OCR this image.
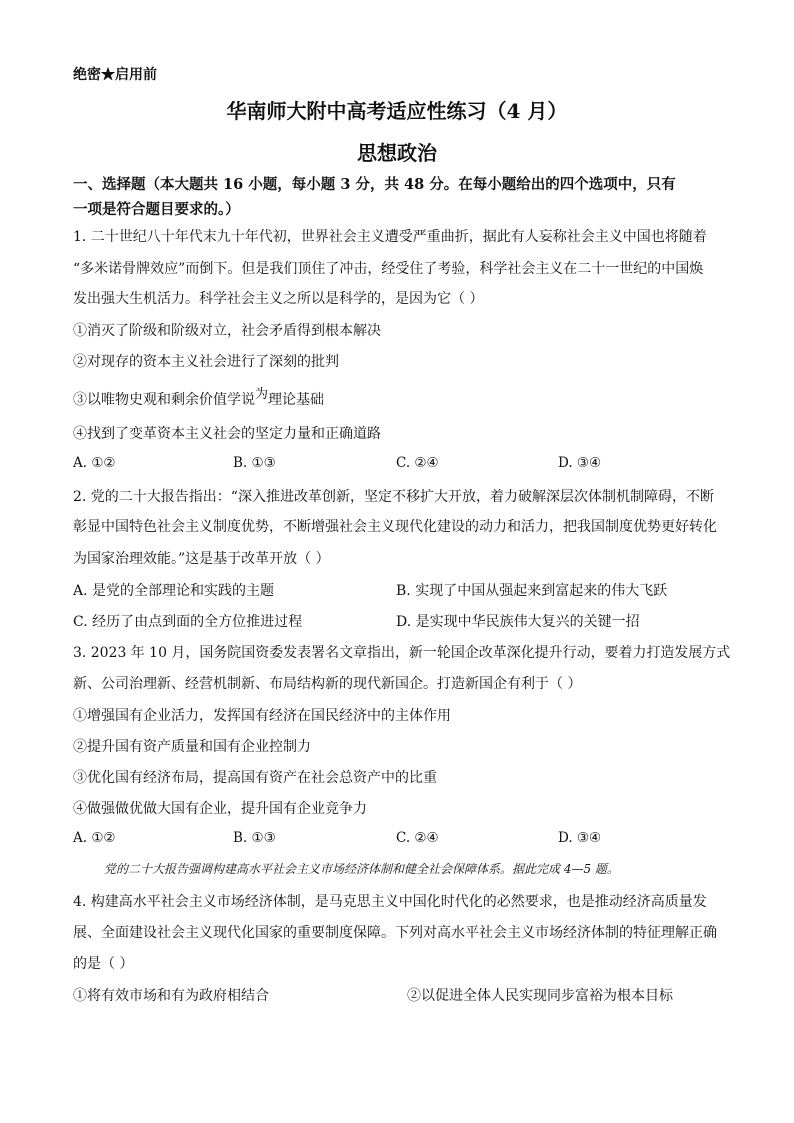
绝密★启用前
华南师大附中高考适应性练习（4 月）
思想政治
一、选择题（本大题共 16 小题，每小题 3 分，共 48 分。在每小题给出的四个选项中，只有
一项是符合题目要求的。）
1. 二十世纪八十年代末九十年代初，世界社会主义遭受严重曲折，据此有人妄称社会主义中国也将随着
“多米诺骨牌效应”而倒下。但是我们顶住了冲击，经受住了考验，科学社会主义在二十一世纪的中国焕
发出强大生机活力。科学社会主义之所以是科学的，是因为它（ ）
①消灭了阶级和阶级对立，社会矛盾得到根本解决
②对现存的资本主义社会进行了深刻的批判
③以唯物史观和剩余价值学说为理论基础
④找到了变革资本主义社会的坚定力量和正确道路
A. ①②	B. ①③	C. ②④	D. ③④
2. 党的二十大报告指出：“深入推进改革创新，坚定不移扩大开放，着力破解深层次体制机制障碍，不断
彰显中国特色社会主义制度优势，不断增强社会主义现代化建设的动力和活力，把我国制度优势更好转化
为国家治理效能。”这是基于改革开放（ ）
A. 是党的全部理论和实践的主题	B. 实现了中国从强起来到富起来的伟大飞跃
C. 经历了由点到面的全方位推进过程	D. 是实现中华民族伟大复兴的关键一招
3. 2023 年 10 月，国务院国资委发表署名文章指出，新一轮国企改革深化提升行动，要着力打造发展方式
新、公司治理新、经营机制新、布局结构新的现代新国企。打造新国企有利于（ ）
①增强国有企业活力，发挥国有经济在国民经济中的主体作用
②提升国有资产质量和国有企业控制力
③优化国有经济布局，提高国有资产在社会总资产中的比重
④做强做优做大国有企业，提升国有企业竞争力
A. ①②	B. ①③	C. ②④	D. ③④
党的二十大报告强调构建高水平社会主义市场经济体制和健全社会保障体系。据此完成 4—5 题。
4. 构建高水平社会主义市场经济体制，是马克思主义中国化时代化的必然要求，也是推动经济高质量发
展、全面建设社会主义现代化国家的重要制度保障。下列对高水平社会主义市场经济体制的特征理解正确
的是（ ）
①将有效市场和有为政府相结合	②以促进全体人民实现同步富裕为根本目标
